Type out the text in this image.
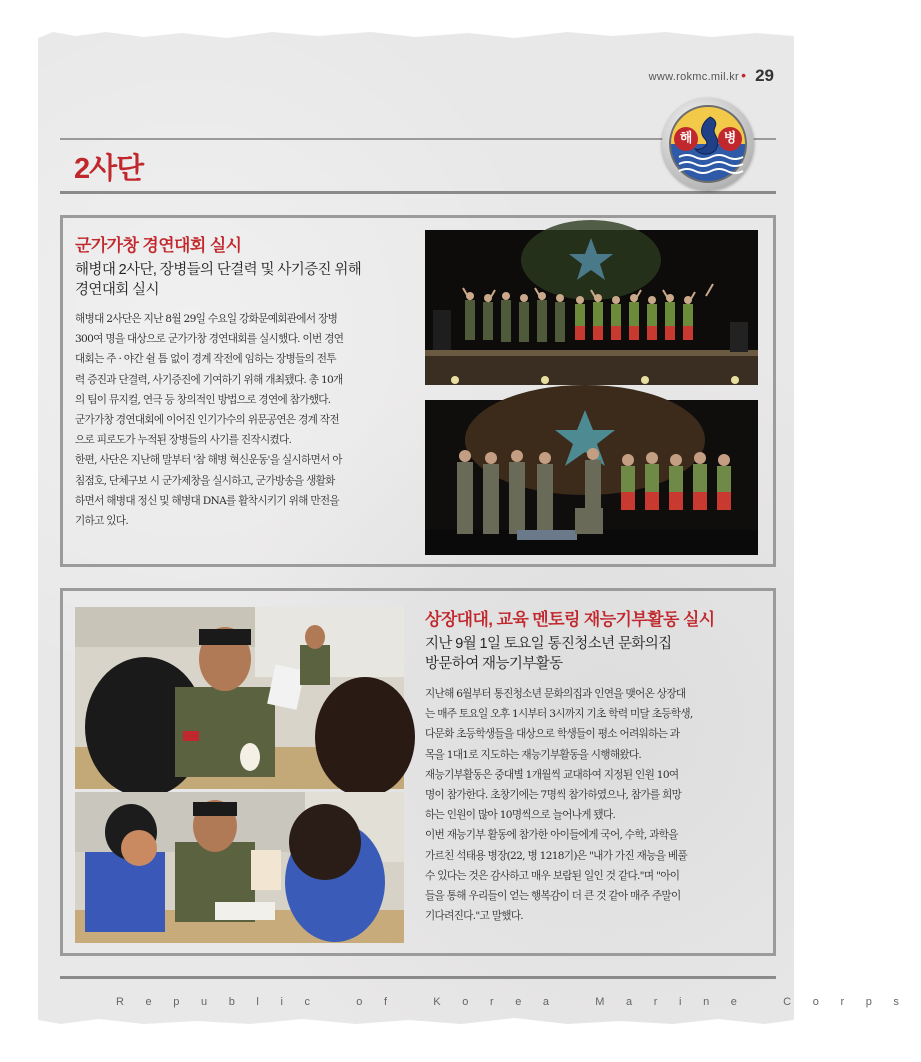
www.rokmc.mil.kr • 29
2사단
해	병
군가가창 경연대회 실시
해병대 2사단, 장병들의 단결력 및 사기증진 위해
경연대회 실시
해병대 2사단은 지난 8월 29일 수요일 강화문예회관에서 장병
300여 명을 대상으로 군가가창 경연대회를 실시했다. 이번 경연
대회는 주 · 야간 쉴 틈 없이 경계 작전에 임하는 장병들의 전투
력 증진과 단결력, 사기증진에 기여하기 위해 개최됐다. 총 10개
의 팀이 뮤지컬, 연극 등 창의적인 방법으로 경연에 참가했다.
군가가창 경연대회에 이어진 인기가수의 위문공연은 경계 작전
으로 피로도가 누적된 장병들의 사기를 진작시켰다.
한편, 사단은 지난해 말부터 '참 해병 혁신운동'을 실시하면서 아
침점호, 단체구보 시 군가제창을 실시하고, 군가방송을 생활화
하면서 해병대 정신 및 해병대 DNA를 활착시키기 위해 만전을
기하고 있다.
상장대대, 교육 멘토링 재능기부활동 실시
지난 9월 1일 토요일 통진청소년 문화의집
방문하여 재능기부활동
지난해 6월부터 통진청소년 문화의집과 인연을 맺어온 상장대
는 매주 토요일 오후 1시부터 3시까지 기초 학력 미달 초등학생,
다문화 초등학생들을 대상으로 학생들이 평소 어려워하는 과
목을 1대1로 지도하는 재능기부활동을 시행해왔다.
재능기부활동은 중대별 1개월씩 교대하여 지정된 인원 10여
명이 참가한다. 초창기에는 7명씩 참가하였으나, 참가를 희망
하는 인원이 많아 10명씩으로 늘어나게 됐다.
이번 재능기부 활동에 참가한 아이들에게 국어, 수학, 과학을
가르친 석태용 병장(22, 병 1218기)은 "내가 가진 재능을 베풀
수 있다는 것은 감사하고 매우 보람된 일인 것 같다."며 "아이
들을 통해 우리들이 얻는 행복감이 더 큰 것 같아 매주 주말이
기다려진다."고 말했다.
Republic of Korea Marine Corps
